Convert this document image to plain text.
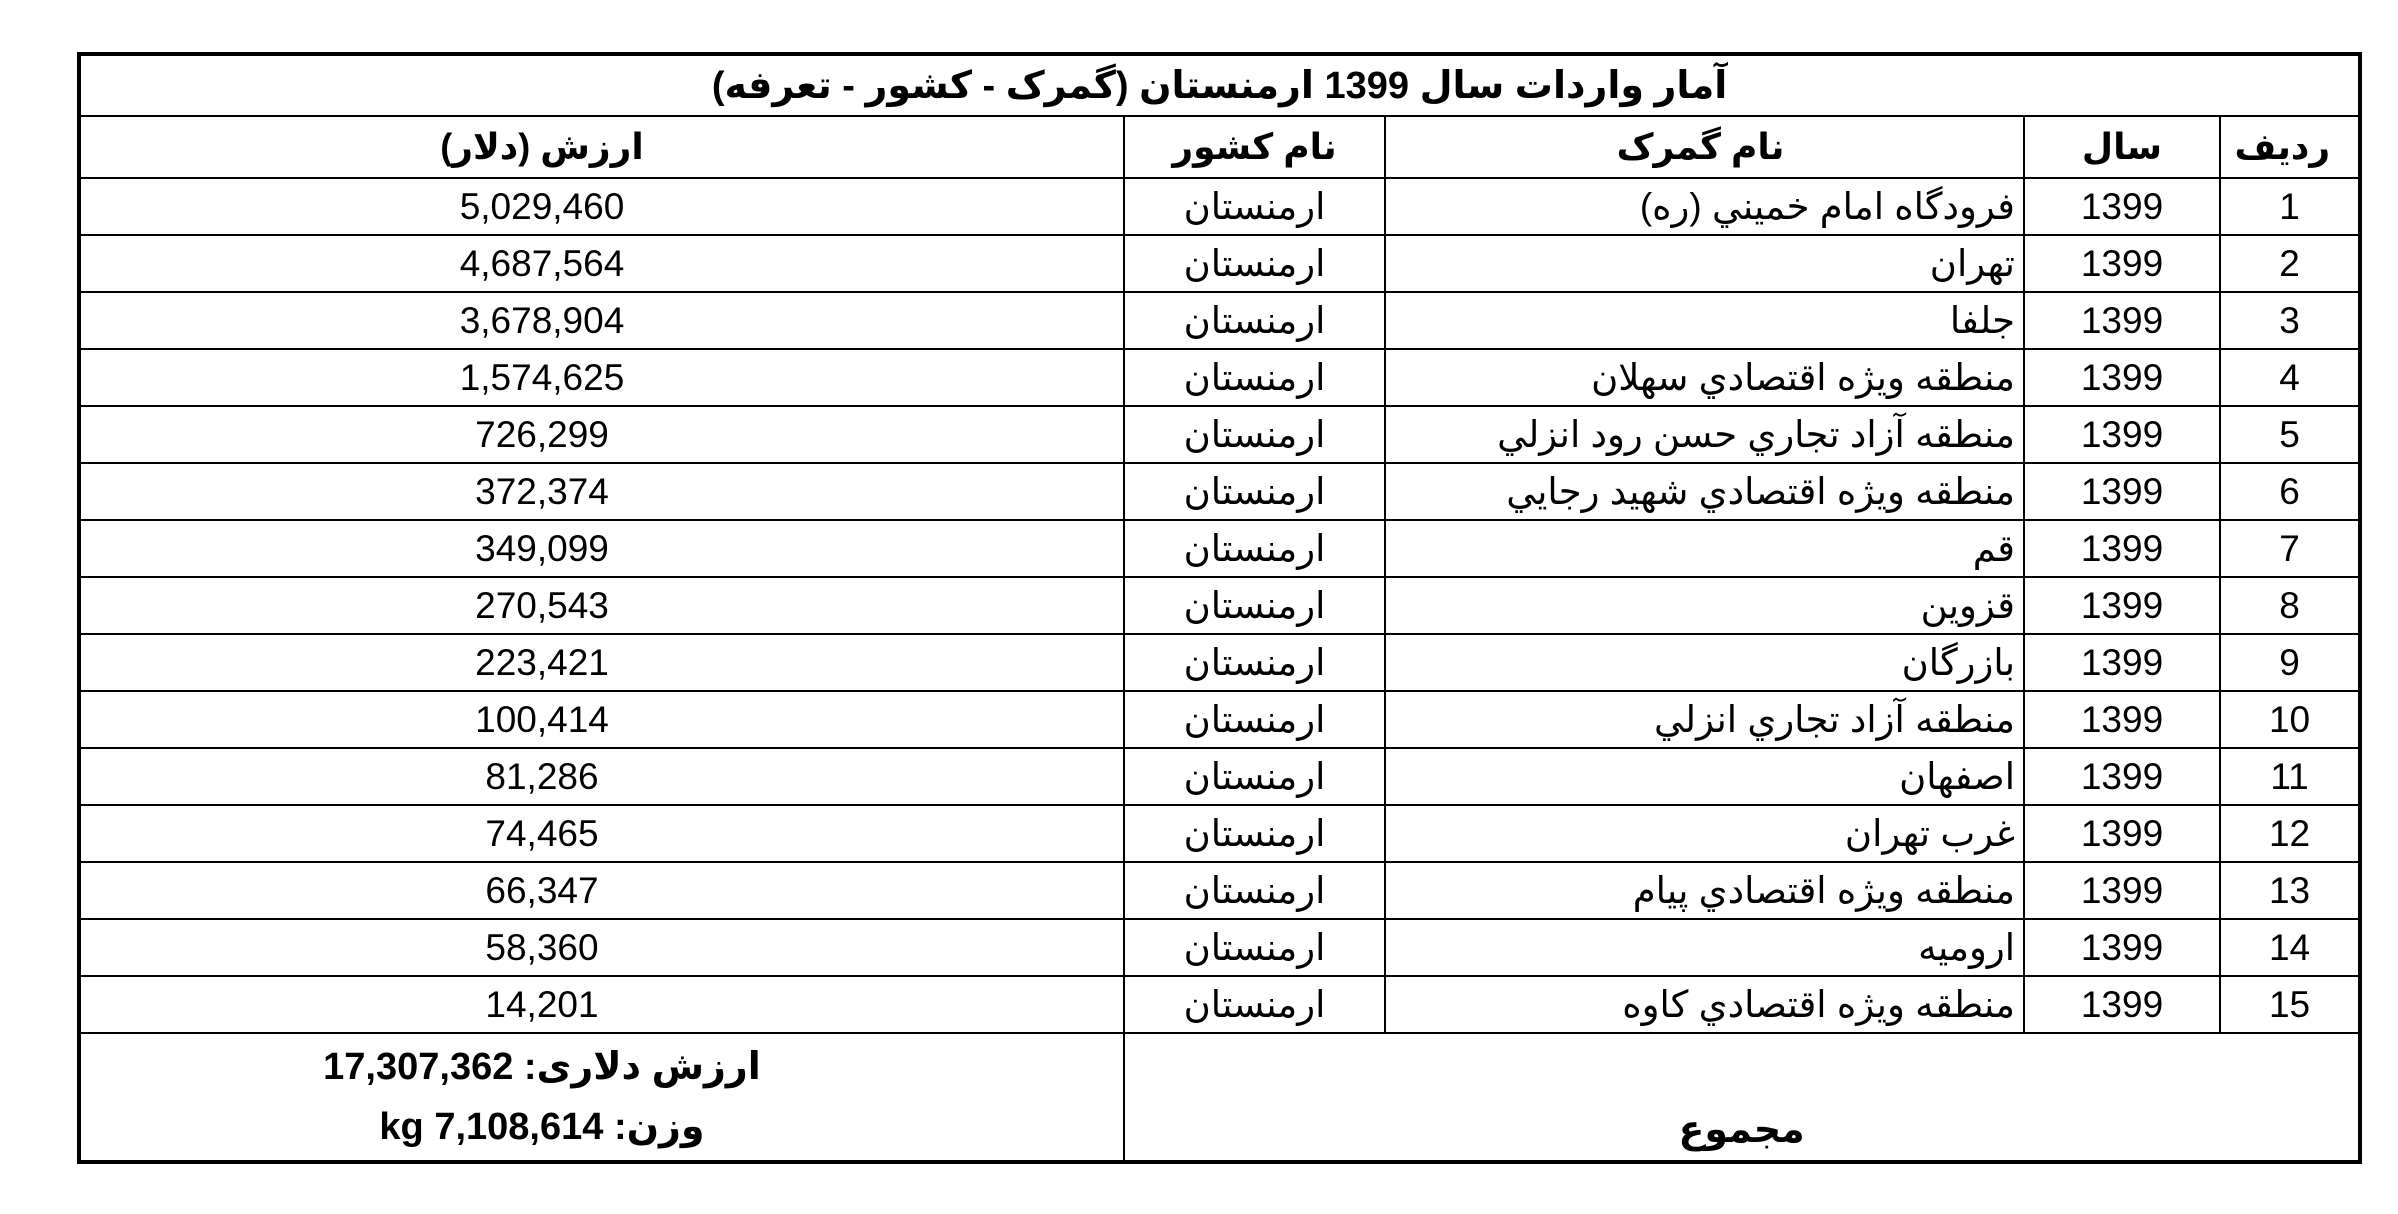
آمار واردات سال 1399 ارمنستان (گمرک - کشور - تعرفه)				
ارزش (دلار)	نام کشور	نام گمرک	سال	رديف
5,029,460	ارمنستان	فرودگاه امام خميني (ره)	1399	1
4,687,564	ارمنستان	تهران	1399	2
3,678,904	ارمنستان	جلفا	1399	3
1,574,625	ارمنستان	منطقه ويژه اقتصادي سهلان	1399	4
726,299	ارمنستان	منطقه آزاد تجاري حسن رود انزلي	1399	5
372,374	ارمنستان	منطقه ويژه اقتصادي شهيد رجايي	1399	6
349,099	ارمنستان	قم	1399	7
270,543	ارمنستان	قزوين	1399	8
223,421	ارمنستان	بازرگان	1399	9
100,414	ارمنستان	منطقه آزاد تجاري انزلي	1399	10
81,286	ارمنستان	اصفهان	1399	11
74,465	ارمنستان	غرب تهران	1399	12
66,347	ارمنستان	منطقه ويژه اقتصادي پيام	1399	13
58,360	ارمنستان	اروميه	1399	14
14,201	ارمنستان	منطقه ويژه اقتصادي کاوه	1399	15

ارزش دلاری: 17,307,362
وزن: 7,108,614 kg	مجموع			
